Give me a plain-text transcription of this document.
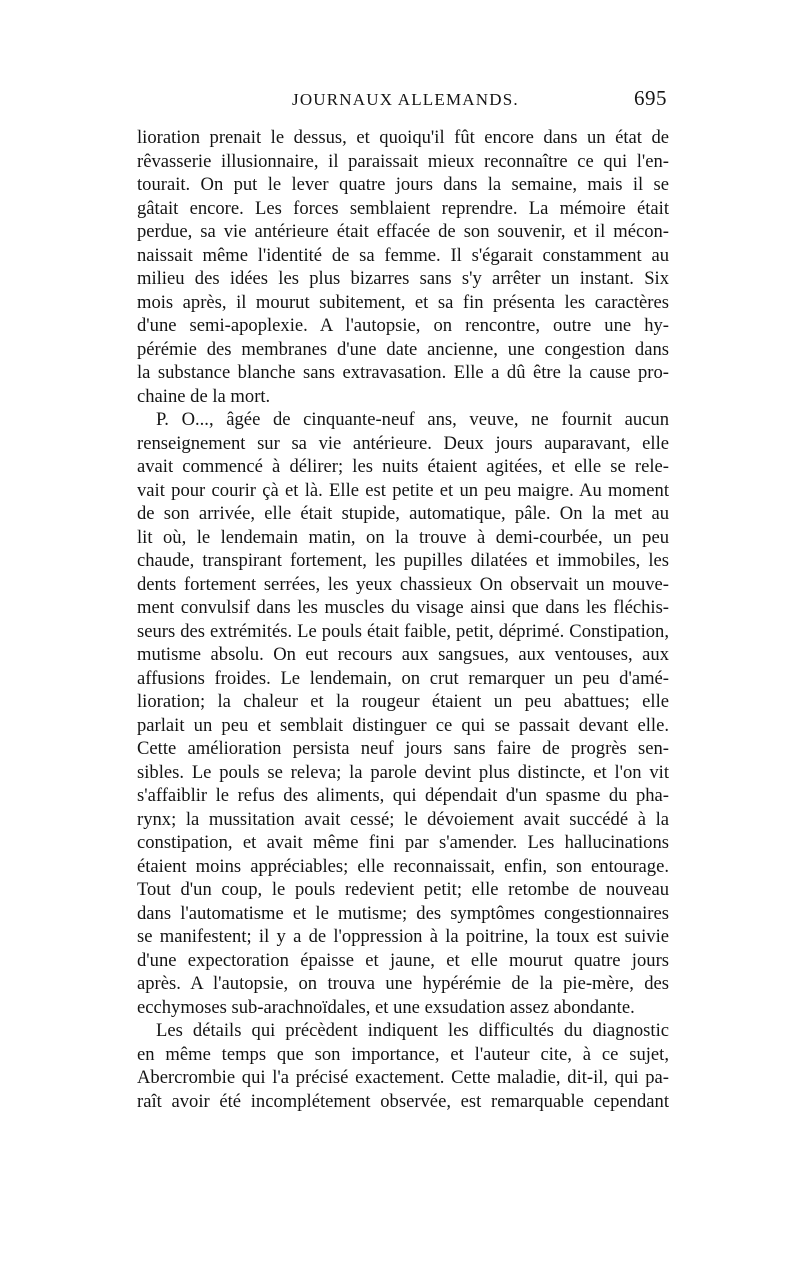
JOURNAUX ALLEMANDS.	695
lioration prenait le dessus, et quoiqu'il fût encore dans un état de
rêvasserie illusionnaire, il paraissait mieux reconnaître ce qui l'en-
tourait. On put le lever quatre jours dans la semaine, mais il se
gâtait encore. Les forces semblaient reprendre. La mémoire était
perdue, sa vie antérieure était effacée de son souvenir, et il mécon-
naissait même l'identité de sa femme. Il s'égarait constamment au
milieu des idées les plus bizarres sans s'y arrêter un instant. Six
mois après, il mourut subitement, et sa fin présenta les caractères
d'une semi-apoplexie. A l'autopsie, on rencontre, outre une hy-
pérémie des membranes d'une date ancienne, une congestion dans
la substance blanche sans extravasation. Elle a dû être la cause pro-
chaine de la mort.
P. O..., âgée de cinquante-neuf ans, veuve, ne fournit aucun
renseignement sur sa vie antérieure. Deux jours auparavant, elle
avait commencé à délirer; les nuits étaient agitées, et elle se rele-
vait pour courir çà et là. Elle est petite et un peu maigre. Au moment
de son arrivée, elle était stupide, automatique, pâle. On la met au
lit où, le lendemain matin, on la trouve à demi-courbée, un peu
chaude, transpirant fortement, les pupilles dilatées et immobiles, les
dents fortement serrées, les yeux chassieux On observait un mouve-
ment convulsif dans les muscles du visage ainsi que dans les fléchis-
seurs des extrémités. Le pouls était faible, petit, déprimé. Constipation,
mutisme absolu. On eut recours aux sangsues, aux ventouses, aux
affusions froides. Le lendemain, on crut remarquer un peu d'amé-
lioration; la chaleur et la rougeur étaient un peu abattues; elle
parlait un peu et semblait distinguer ce qui se passait devant elle.
Cette amélioration persista neuf jours sans faire de progrès sen-
sibles. Le pouls se releva; la parole devint plus distincte, et l'on vit
s'affaiblir le refus des aliments, qui dépendait d'un spasme du pha-
rynx; la mussitation avait cessé; le dévoiement avait succédé à la
constipation, et avait même fini par s'amender. Les hallucinations
étaient moins appréciables; elle reconnaissait, enfin, son entourage.
Tout d'un coup, le pouls redevient petit; elle retombe de nouveau
dans l'automatisme et le mutisme; des symptômes congestionnaires
se manifestent; il y a de l'oppression à la poitrine, la toux est suivie
d'une expectoration épaisse et jaune, et elle mourut quatre jours
après. A l'autopsie, on trouva une hypérémie de la pie-mère, des
ecchymoses sub-arachnoïdales, et une exsudation assez abondante.
Les détails qui précèdent indiquent les difficultés du diagnostic
en même temps que son importance, et l'auteur cite, à ce sujet,
Abercrombie qui l'a précisé exactement. Cette maladie, dit-il, qui pa-
raît avoir été incomplétement observée, est remarquable cependant
